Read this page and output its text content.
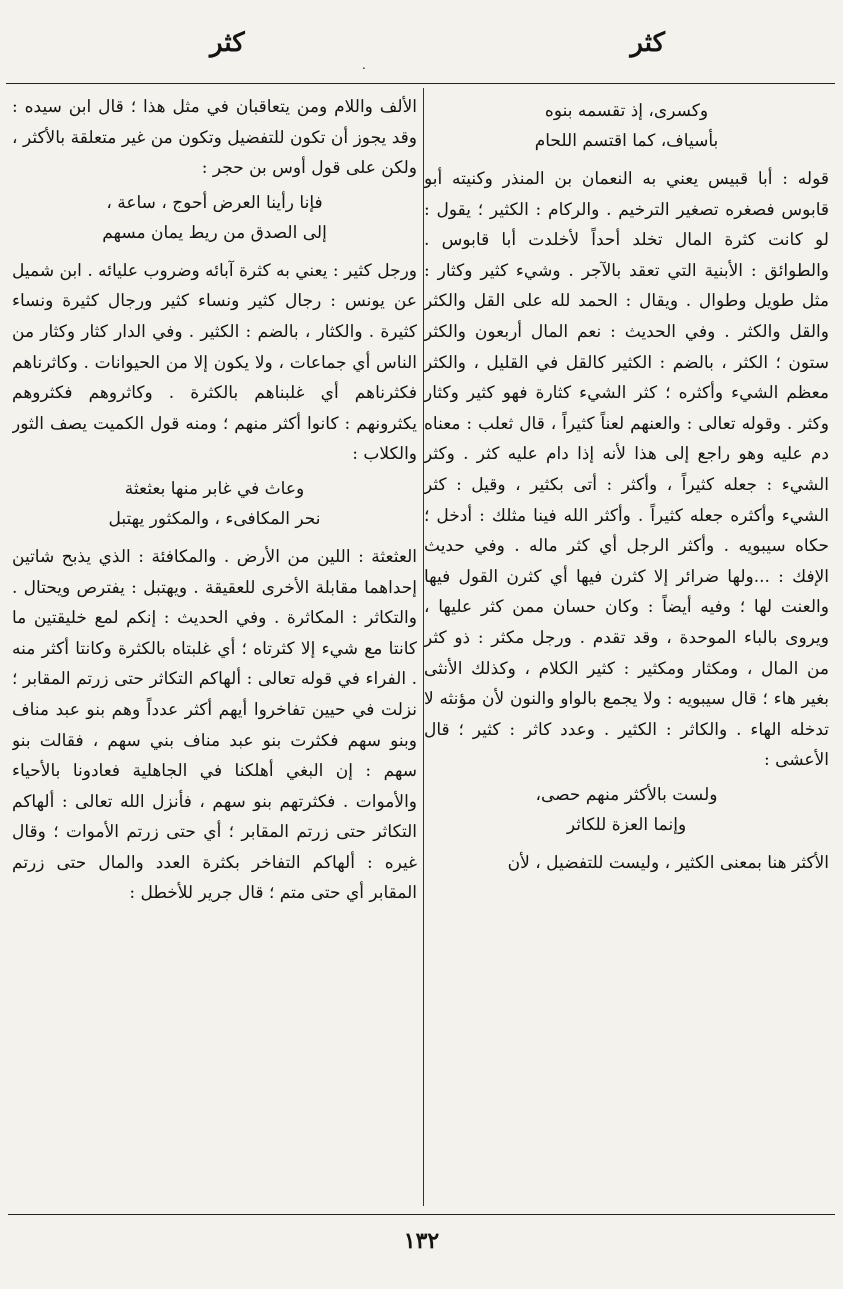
كثر
كثر
.
وكسرى، إذ تقسمه بنوه
بأسياف، كما اقتسم اللحام

قوله : أبا قبيس يعني به النعمان بن المنذر وكنيته أبو قابوس فصغره تصغير الترخيم . والركام : الكثير ؛ يقول : لو كانت كثرة المال تخلد أحداً لأخلدت أبا قابوس . والطوائق : الأبنية التي تعقد بالآجر . وشيء كثير وكثار : مثل طويل وطوال . ويقال : الحمد لله على القل والكثر والقل والكثر . وفي الحديث : نعم المال أربعون والكثر ستون ؛ الكثر ، بالضم : الكثير كالقل في القليل ، والكثر معظم الشيء وأكثره ؛ كثر الشيء كثارة فهو كثير وكثار وكثر . وقوله تعالى : والعنهم لعناً كثيراً ، قال ثعلب : معناه دم عليه وهو راجع إلى هذا لأنه إذا دام عليه كثر . وكثر الشيء : جعله كثيراً ، وأكثر : أتى بكثير ، وقيل : كثر الشيء وأكثره جعله كثيراً . وأكثر الله فينا مثلك : أدخل ؛ حكاه سيبويه . وأكثر الرجل أي كثر ماله . وفي حديث الإفك : ...ولها ضرائر إلا كثرن فيها أي كثرن القول فيها والعنت لها ؛ وفيه أيضاً : وكان حسان ممن كثر عليها ، ويروى بالباء الموحدة ، وقد تقدم . ورجل مكثر : ذو كثر من المال ، ومكثار ومكثير : كثير الكلام ، وكذلك الأنثى بغير هاء ؛ قال سيبويه : ولا يجمع بالواو والنون لأن مؤنثه لا تدخله الهاء . والكاثر : الكثير . وعدد كاثر : كثير ؛ قال الأعشى :

ولست بالأكثر منهم حصى،
وإنما العزة للكاثر

الأكثر هنا بمعنى الكثير ، وليست للتفضيل ، لأن

الألف واللام ومن يتعاقبان في مثل هذا ؛ قال ابن سيده : وقد يجوز أن تكون للتفضيل وتكون من غير متعلقة بالأكثر ، ولكن على قول أوس بن حجر :

فإنا رأينا العرض أحوج ، ساعة ،
إلى الصدق من ريط يمان مسهم

ورجل كثير : يعني به كثرة آبائه وضروب عليائه . ابن شميل عن يونس : رجال كثير ونساء كثير ورجال كثيرة ونساء كثيرة . والكثار ، بالضم : الكثير . وفي الدار كثار وكثار من الناس أي جماعات ، ولا يكون إلا من الحيوانات . وكاثرناهم فكثرناهم أي غلبناهم بالكثرة . وكاثروهم فكثروهم يكثرونهم : كانوا أكثر منهم ؛ ومنه قول الكميت يصف الثور والكلاب :

وعاث في غابر منها بعثعثة
نحر المكافىء ، والمكثور يهتبل

العثعثة : اللين من الأرض . والمكافئة : الذي يذبح شاتين إحداهما مقابلة الأخرى للعقيقة . ويهتبل : يفترص ويحتال . والتكاثر : المكاثرة . وفي الحديث : إنكم لمع خليقتين ما كانتا مع شيء إلا كثرتاه ؛ أي غلبتاه بالكثرة وكانتا أكثر منه . الفراء في قوله تعالى : ألهاكم التكاثر حتى زرتم المقابر ؛ نزلت في حيين تفاخروا أيهم أكثر عدداً وهم بنو عبد مناف وبنو سهم فكثرت بنو عبد مناف بني سهم ، فقالت بنو سهم : إن البغي أهلكنا في الجاهلية فعادونا بالأحياء والأموات . فكثرتهم بنو سهم ، فأنزل الله تعالى : ألهاكم التكاثر حتى زرتم المقابر ؛ أي حتى زرتم الأموات ؛ وقال غيره : ألهاكم التفاخر بكثرة العدد والمال حتى زرتم المقابر أي حتى متم ؛ قال جرير للأخطل :

١٣٢
